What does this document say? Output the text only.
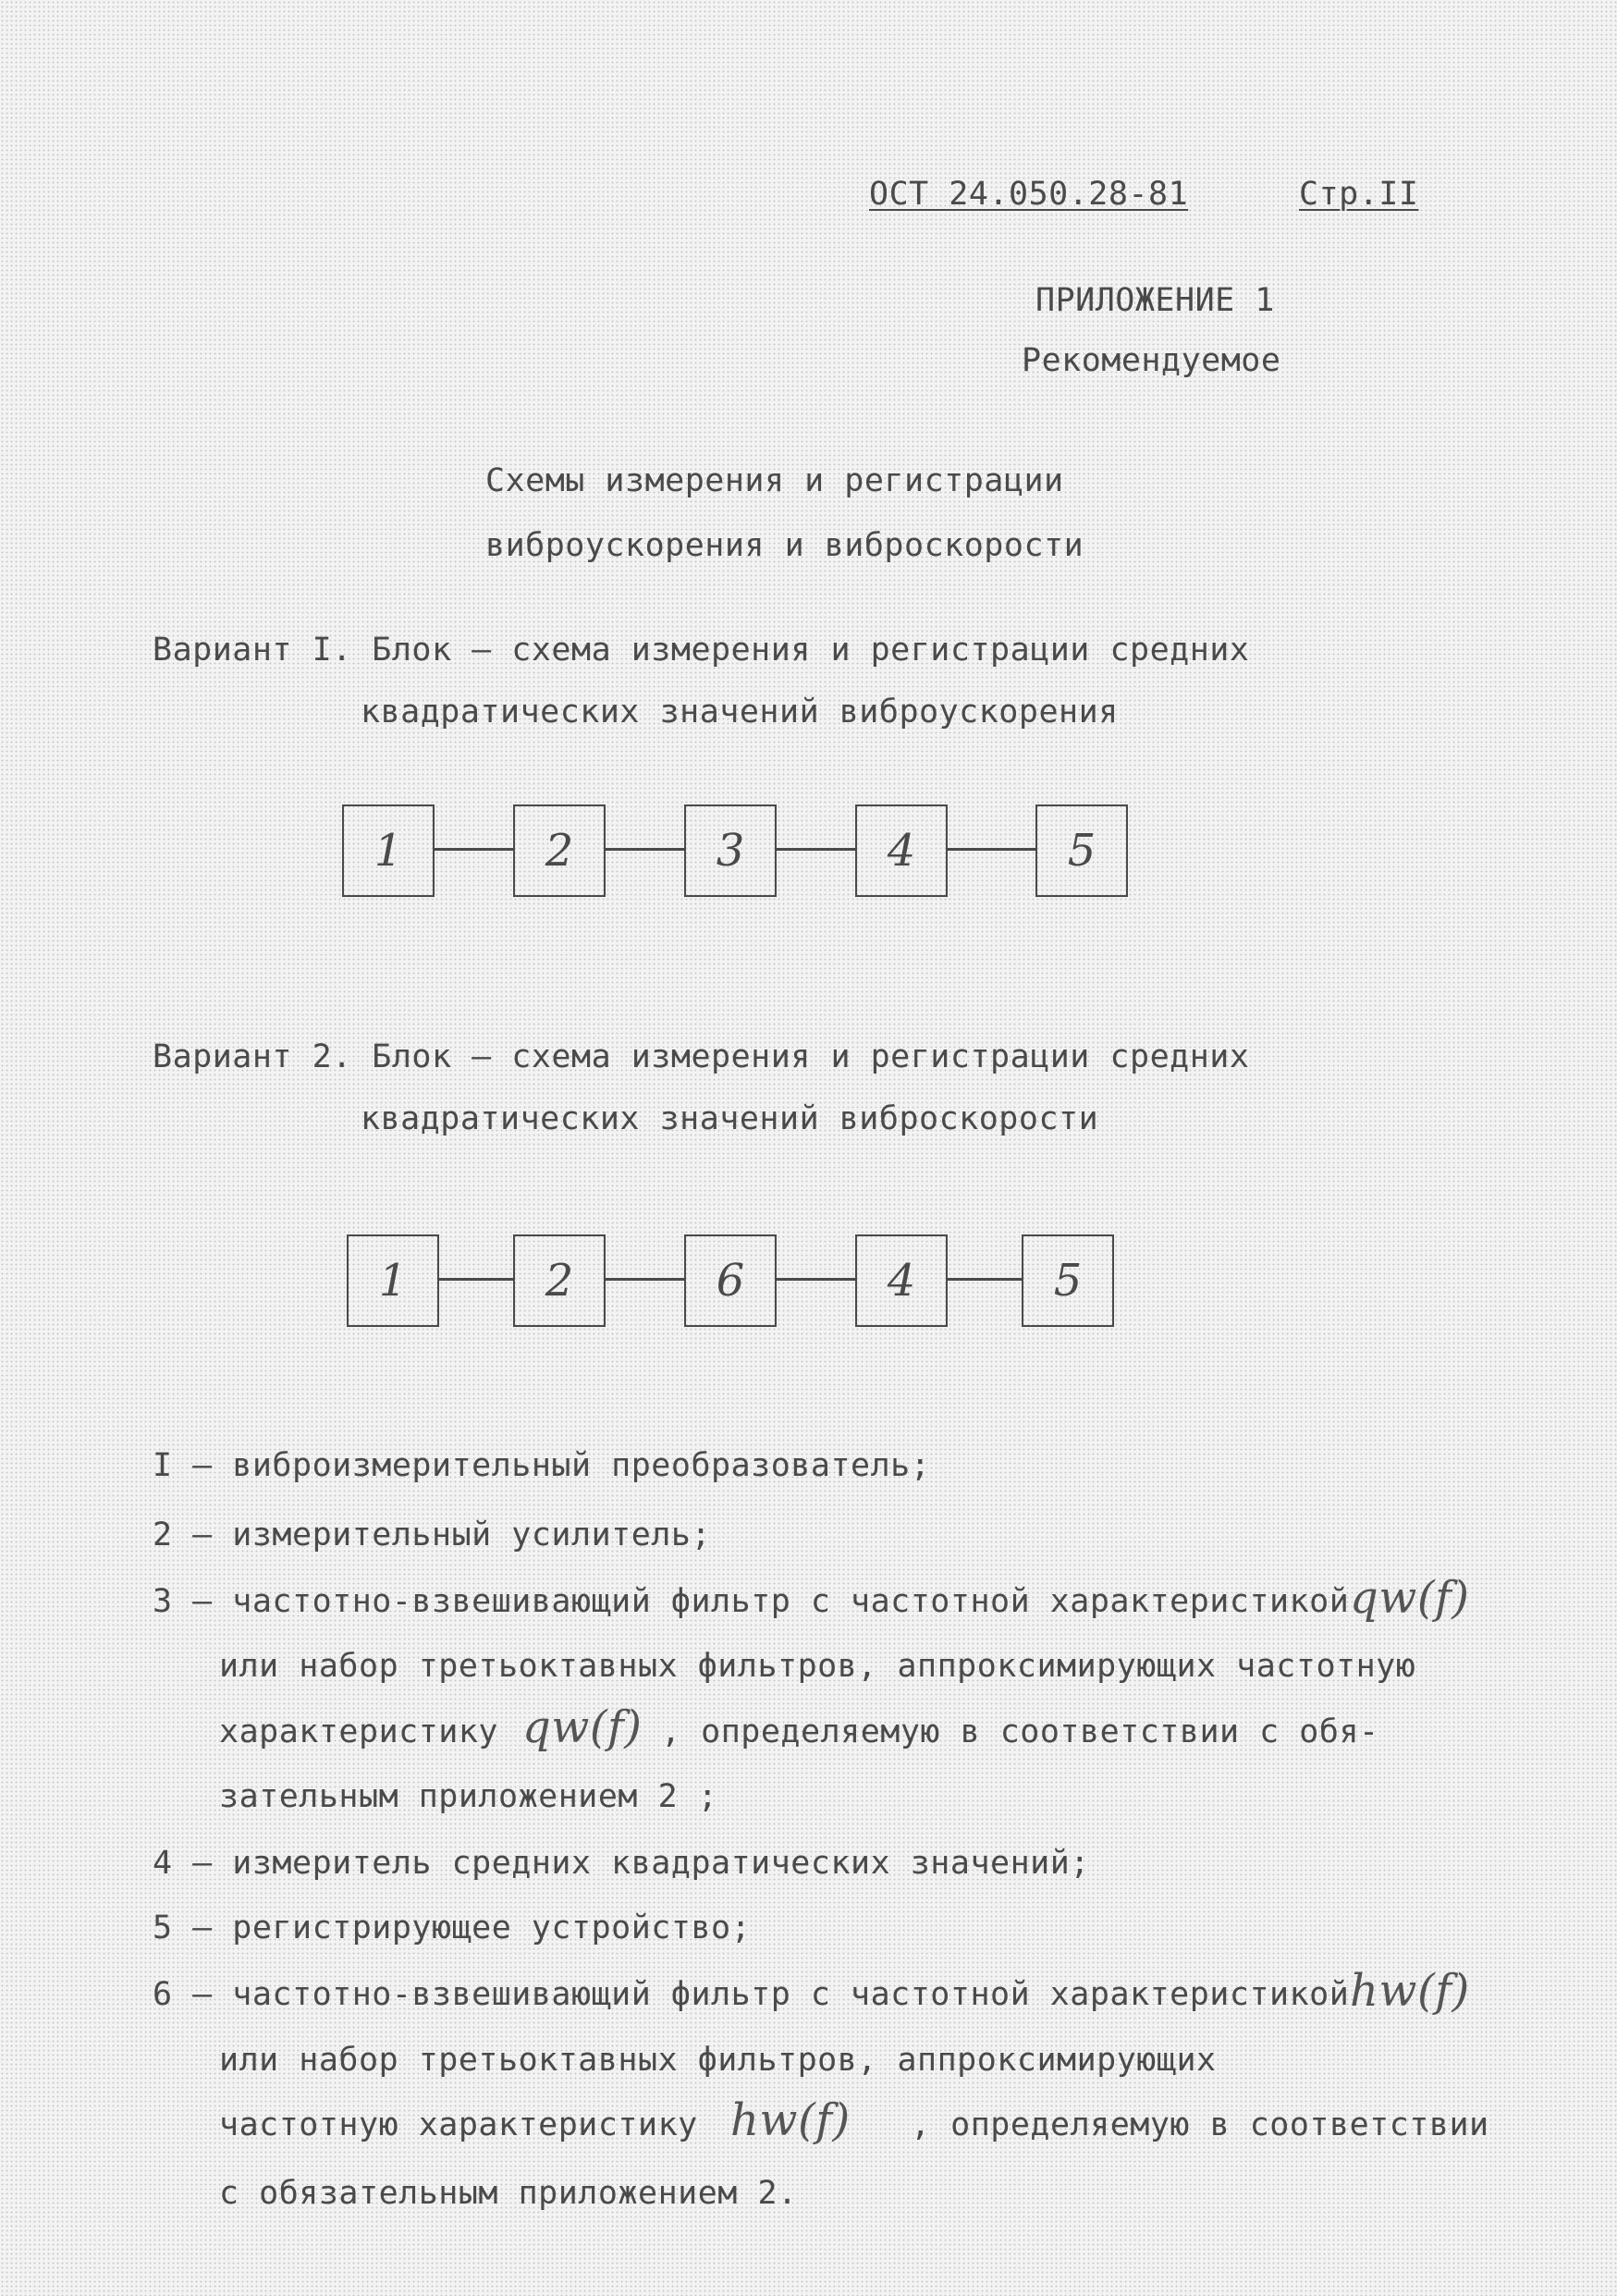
ОСТ 24.050.28-81	Стр.II
ПРИЛОЖЕНИЕ 1
Рекомендуемое
Схемы измерения и регистрации
виброускорения и виброскорости
Вариант I. Блок – схема измерения и регистрации средних
квадратических значений виброускорения
1	2	3	4	5
Вариант 2. Блок – схема измерения и регистрации средних
квадратических значений виброскорости
1	2	6	4	5
I – виброизмерительный преобразователь;
2 – измерительный усилитель;
3 – частотно-взвешивающий фильтр с частотной характеристикой qw(f)
или набор третьоктавных фильтров, аппроксимирующих частотную
характеристику qw(f) , определяемую в соответствии с обя-
зательным приложением 2 ;
4 – измеритель средних квадратических значений;
5 – регистрирующее устройство;
6 – частотно-взвешивающий фильтр с частотной характеристикой hw(f)
или набор третьоктавных фильтров, аппроксимирующих
частотную характеристику hw(f) , определяемую в соответствии
с обязательным приложением 2.
